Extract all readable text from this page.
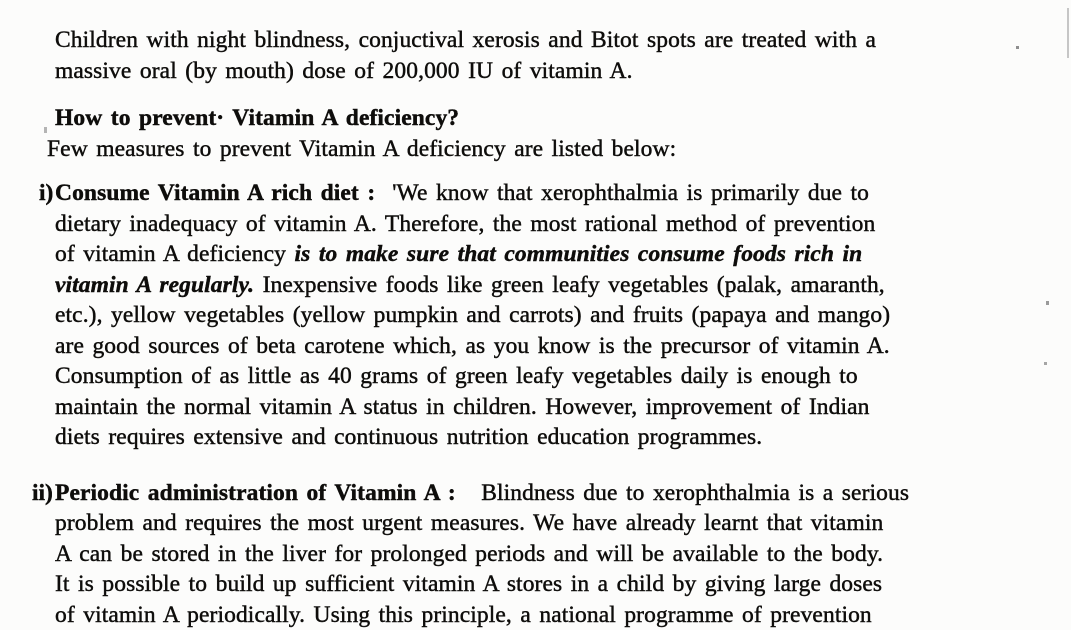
Children with night blindness, conjuctival xerosis and Bitot spots are treated with a
massive oral (by mouth) dose of 200,000 IU of vitamin A.
How to prevent· Vitamin A deficiency?
Few measures to prevent Vitamin A deficiency are listed below:
i) Consume Vitamin A rich diet :  'We know that xerophthalmia is primarily due to
dietary inadequacy of vitamin A. Therefore, the most rational method of prevention
of vitamin A deficiency is to make sure that communities consume foods rich in
vitamin A regularly. Inexpensive foods like green leafy vegetables (palak, amaranth,
etc.), yellow vegetables (yellow pumpkin and carrots) and fruits (papaya and mango)
are good sources of beta carotene which, as you know is the precursor of vitamin A.
Consumption of as little as 40 grams of green leafy vegetables daily is enough to
maintain the normal vitamin A status in children. However, improvement of Indian
diets requires extensive and continuous nutrition education programmes.
ii) Periodic administration of Vitamin A :   Blindness due to xerophthalmia is a serious
problem and requires the most urgent measures. We have already learnt that vitamin
A can be stored in the liver for prolonged periods and will be available to the body.
It is possible to build up sufficient vitamin A stores in a child by giving large doses
of vitamin A periodically. Using this principle, a national programme of prevention
